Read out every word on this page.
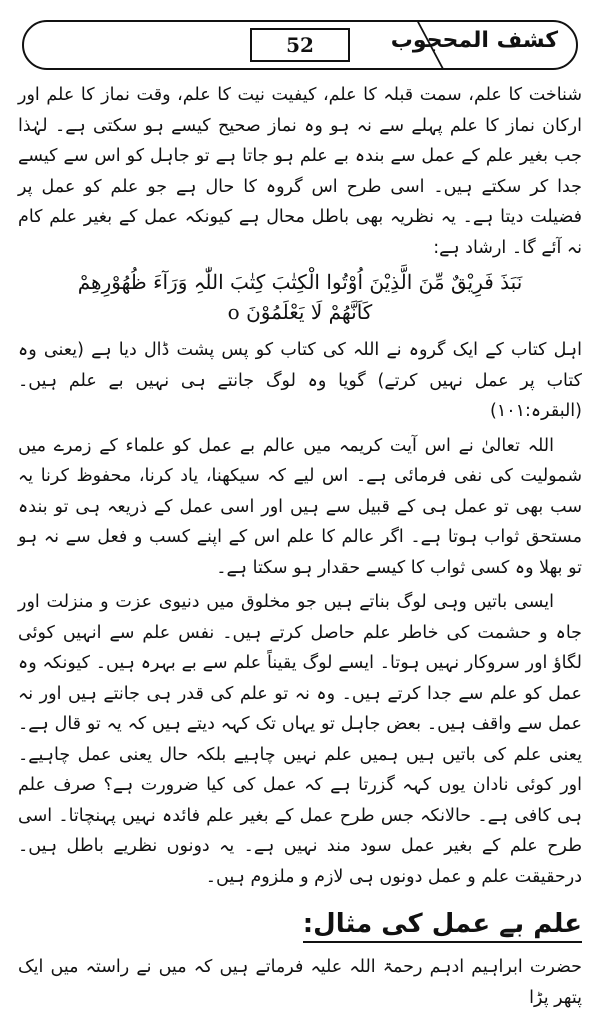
کشف المحجوب
52

شناخت کا علم، سمت قبلہ کا علم، کیفیت نیت کا علم، وقت نماز کا علم اور ارکان نماز کا علم پہلے سے نہ ہو وہ نماز صحیح کیسے ہو سکتی ہے۔ لہٰذا جب بغیر علم کے عمل سے بندہ بے علم ہو جاتا ہے تو جاہل کو اس سے کیسے جدا کر سکتے ہیں۔ اسی طرح اس گروہ کا حال ہے جو علم کو عمل پر فضیلت دیتا ہے۔ یہ نظریہ بھی باطل محال ہے کیونکہ عمل کے بغیر علم کام نہ آئے گا۔ ارشاد ہے:

نَبَذَ فَرِیْقٌ مِّنَ الَّذِیْنَ اُوْتُوا الْکِتٰبَ کِتٰبَ اللّٰہِ وَرَآءَ ظُھُوْرِھِمْ
کَاَنَّھُمْ لَا یَعْلَمُوْنَ o

اہل کتاب کے ایک گروہ نے اللہ کی کتاب کو پس پشت ڈال دیا ہے (یعنی وہ کتاب پر عمل نہیں کرتے) گویا وہ لوگ جانتے ہی نہیں بے علم ہیں۔ (البقرہ:۱۰۱)

اللہ تعالیٰ نے اس آیت کریمہ میں عالم بے عمل کو علماء کے زمرے میں شمولیت کی نفی فرمائی ہے۔ اس لیے کہ سیکھنا، یاد کرنا، محفوظ کرنا یہ سب بھی تو عمل ہی کے قبیل سے ہیں اور اسی عمل کے ذریعہ ہی تو بندہ مستحق ثواب ہوتا ہے۔ اگر عالم کا علم اس کے اپنے کسب و فعل سے نہ ہو تو بھلا وہ کسی ثواب کا کیسے حقدار ہو سکتا ہے۔

ایسی باتیں وہی لوگ بناتے ہیں جو مخلوق میں دنیوی عزت و منزلت اور جاہ و حشمت کی خاطر علم حاصل کرتے ہیں۔ نفس علم سے انہیں کوئی لگاؤ اور سروکار نہیں ہوتا۔ ایسے لوگ یقیناً علم سے بے بہرہ ہیں۔ کیونکہ وہ عمل کو علم سے جدا کرتے ہیں۔ وہ نہ تو علم کی قدر ہی جانتے ہیں اور نہ عمل سے واقف ہیں۔ بعض جاہل تو یہاں تک کہہ دیتے ہیں کہ یہ تو قال ہے۔ یعنی علم کی باتیں ہیں ہمیں علم نہیں چاہیے بلکہ حال یعنی عمل چاہیے۔ اور کوئی نادان یوں کہہ گزرتا ہے کہ عمل کی کیا ضرورت ہے؟ صرف علم ہی کافی ہے۔ حالانکہ جس طرح عمل کے بغیر علم فائدہ نہیں پہنچاتا۔ اسی طرح علم کے بغیر عمل سود مند نہیں ہے۔ یہ دونوں نظریے باطل ہیں۔ درحقیقت علم و عمل دونوں ہی لازم و ملزوم ہیں۔

علم بے عمل کی مثال:

حضرت ابراہیم ادہم رحمۃ اللہ علیہ فرماتے ہیں کہ میں نے راستہ میں ایک پتھر پڑا
